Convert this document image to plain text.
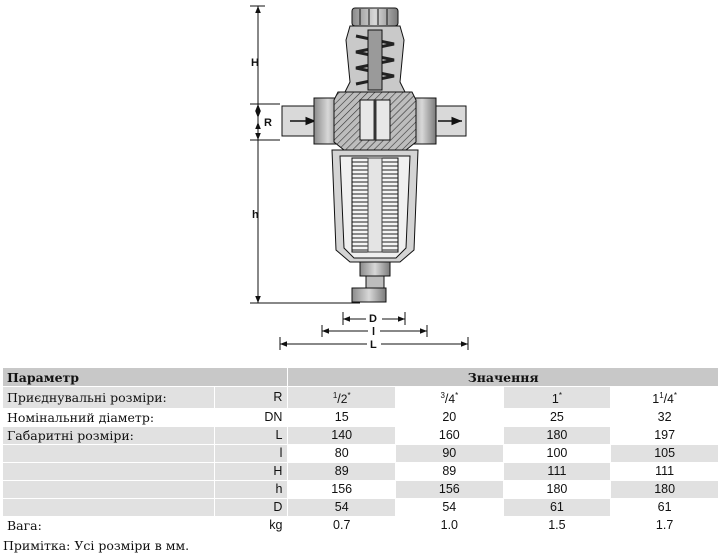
H
R
h
D
l
L
Параметр		Значення			
Приєднувальні розміри:	R	$^1$/2*	$^3$/4*	1*	$1^1/4^*$
Номінальний діаметр:	DN	15	20	25	32
Габаритні розміри:	L	140	160	180	197
	l	80	90	100	105
	H	89	89	111	111
	h	156	156	180	180
	D	54	54	61	61
Вага:	kg	0.7	1.0	1.5	1.7
Примітка: Усі розміри в мм.
